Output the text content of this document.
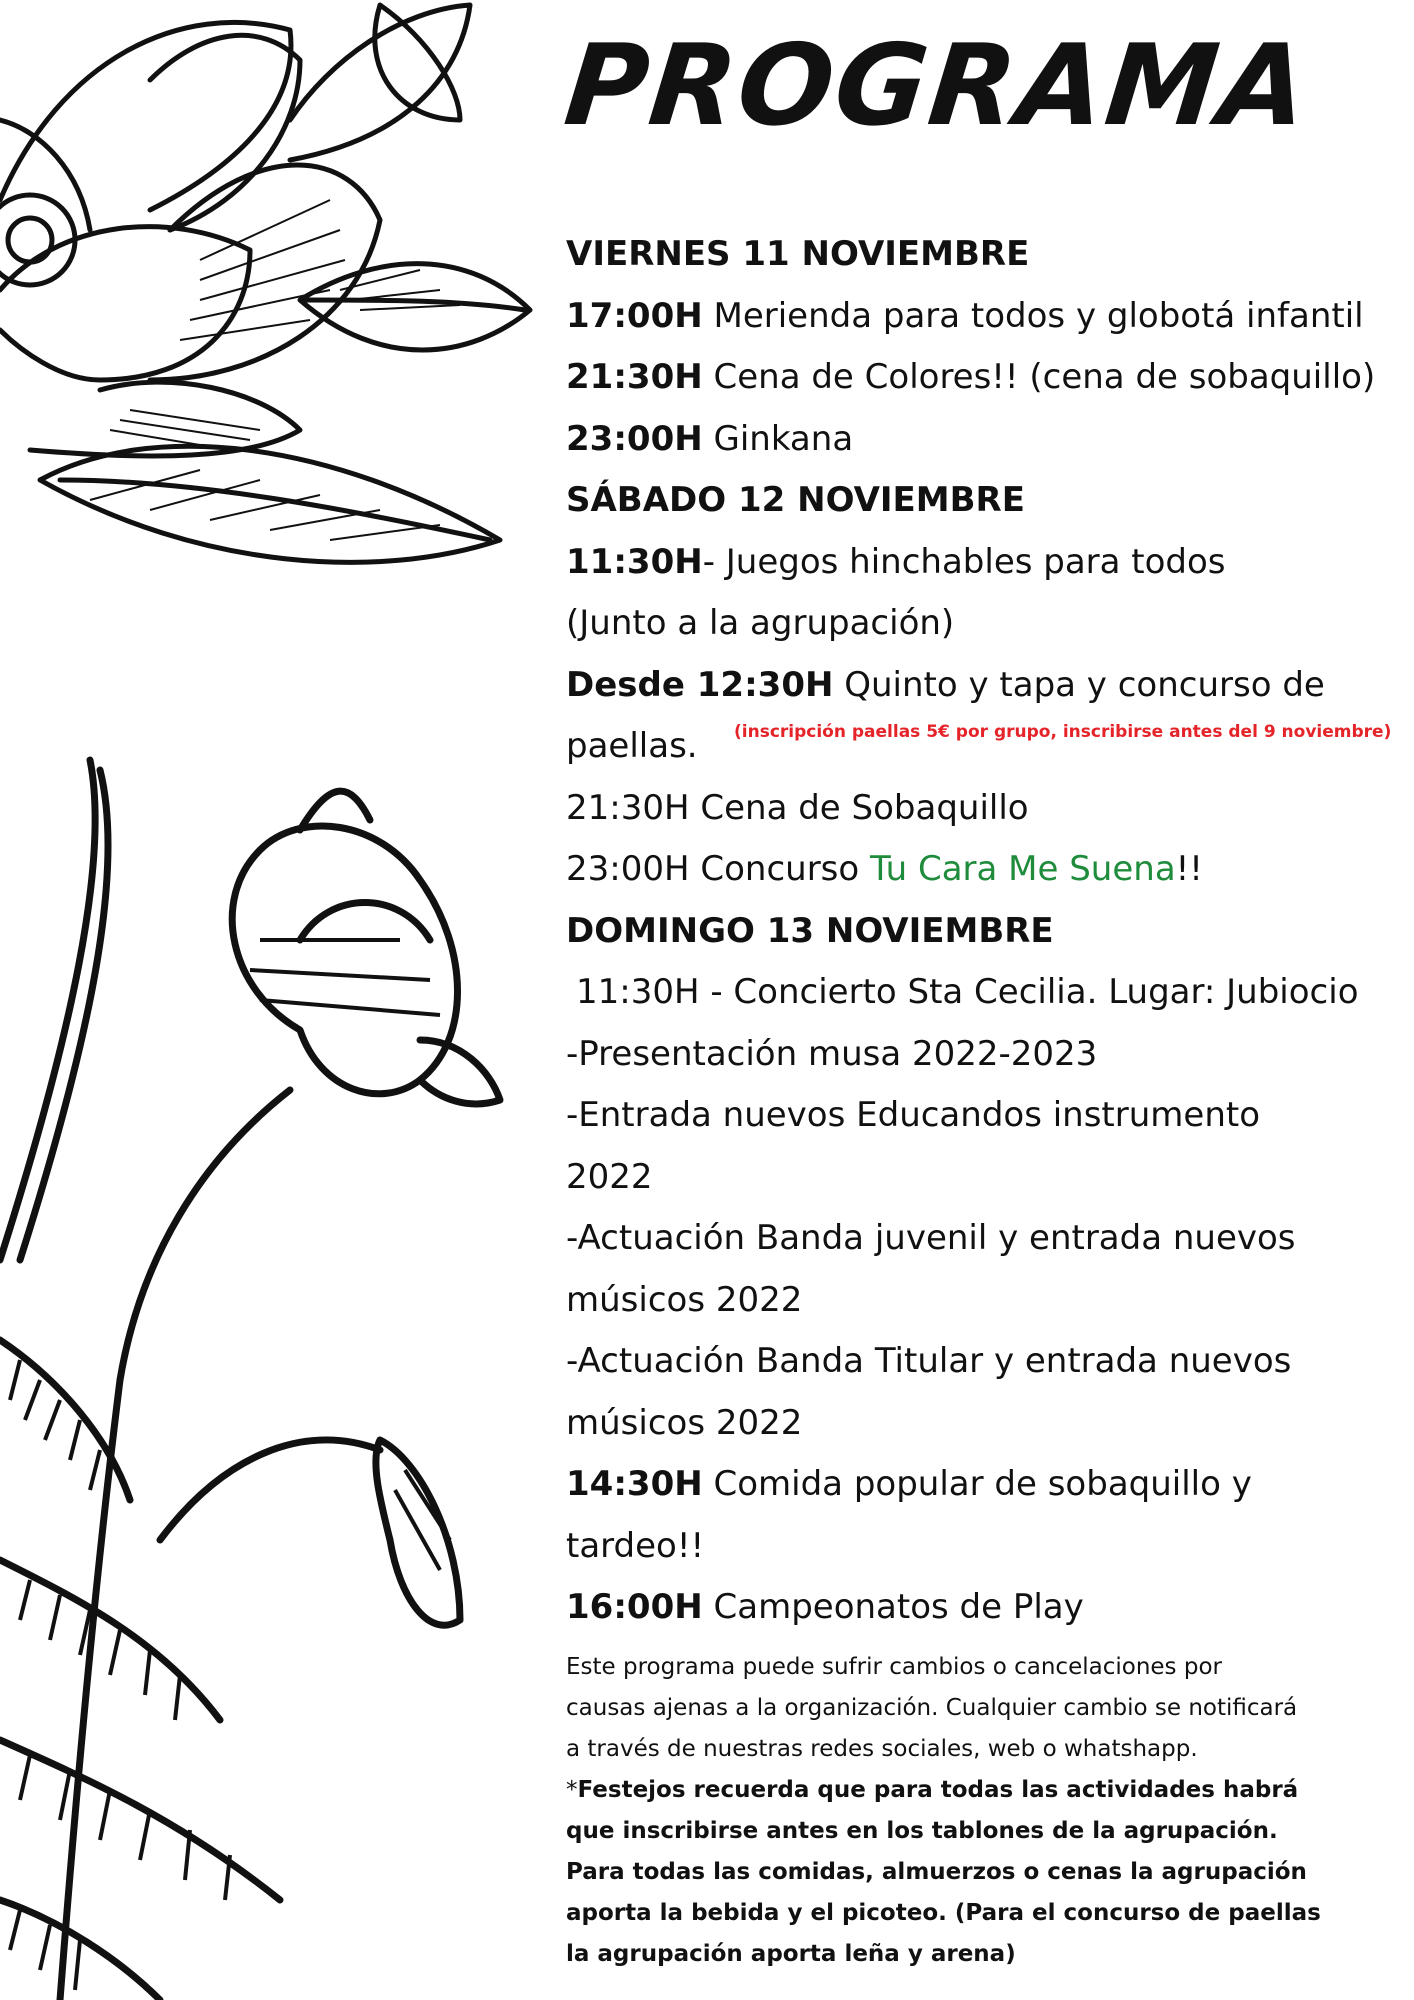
PROGRAMA
VIERNES 11 NOVIEMBRE
17:00H Merienda para todos y globotá infantil
21:30H Cena de Colores!! (cena de sobaquillo)
23:00H Ginkana
SÁBADO 12 NOVIEMBRE
11:30H- Juegos hinchables para todos
(Junto a la agrupación)
Desde 12:30H Quinto y tapa y concurso de
paellas.
21:30H Cena de Sobaquillo
23:00H Concurso Tu Cara Me Suena!!
DOMINGO 13 NOVIEMBRE
11:30H - Concierto Sta Cecilia. Lugar: Jubiocio
-Presentación musa 2022-2023
-Entrada nuevos Educandos instrumento
2022
-Actuación Banda juvenil y entrada nuevos
músicos 2022
-Actuación Banda Titular y entrada nuevos
músicos 2022
14:30H Comida popular de sobaquillo y
tardeo!!
16:00H Campeonatos de Play
Este programa puede sufrir cambios o cancelaciones por
causas ajenas a la organización. Cualquier cambio se notificará
a través de nuestras redes sociales, web o whatshapp.
*Festejos recuerda que para todas las actividades habrá
que inscribirse antes en los tablones de la agrupación.
Para todas las comidas, almuerzos o cenas la agrupación
aporta la bebida y el picoteo. (Para el concurso de paellas
la agrupación aporta leña y arena)
(inscripción paellas 5€ por grupo, inscribirse antes del 9 noviembre)
